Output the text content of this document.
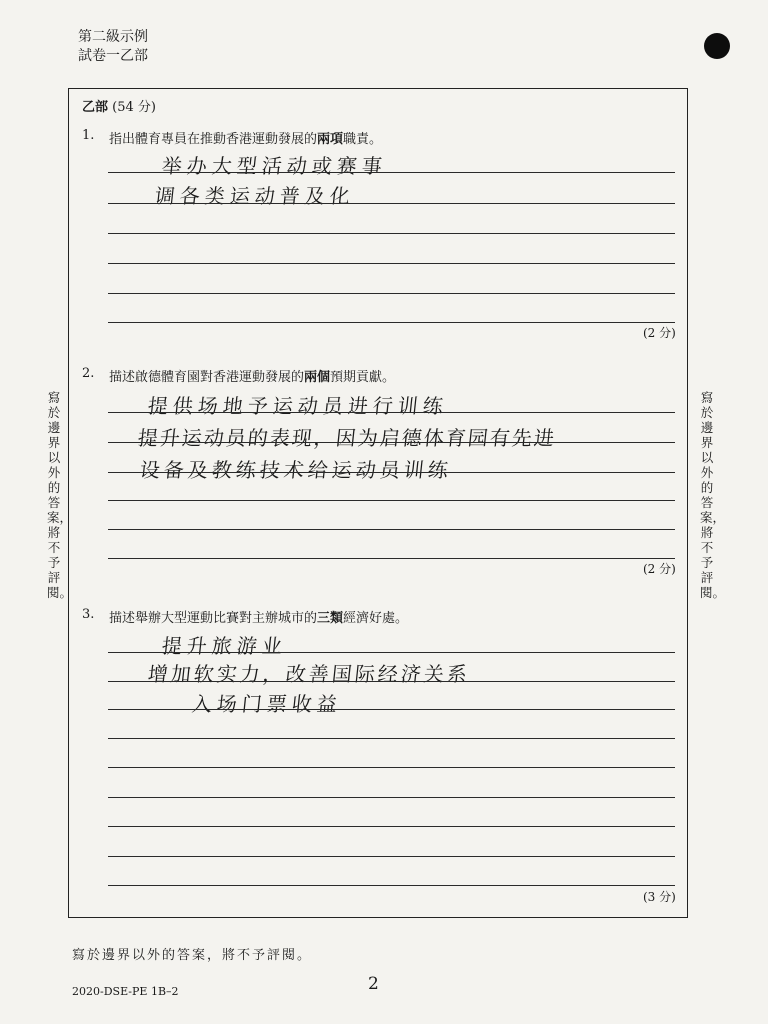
第二級示例
試卷一乙部
寫於邊界以外的答案，將不予評閱。
寫於邊界以外的答案，將不予評閱。
乙部 (54 分)
1. 指出體育專員在推動香港運動發展的兩項職責。
举办大型活动或赛事
调各类运动普及化
(2 分)
2. 描述啟德體育園對香港運動發展的兩個預期貢獻。
提供场地予运动员进行训练
提升运动员的表现，因为启德体育园有先进
设备及教练技术给运动员训练
(2 分)
3. 描述舉辦大型運動比賽對主辦城市的三類經濟好處。
提升旅游业
增加软实力，改善国际经济关系
入场门票收益
(3 分)
寫於邊界以外的答案，將不予評閱。
2
2020-DSE-PE 1B–2
